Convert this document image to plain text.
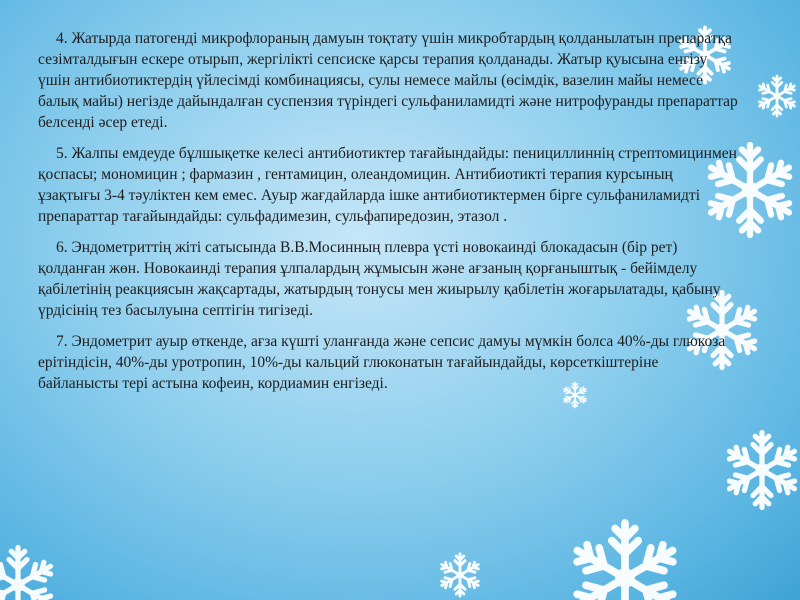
4. Жатырда патогенді микрофлораның дамуын тоқтату үшін микробтардың қолданылатын препаратқа сезімталдығын ескере отырып, жергілікті сепсиске қарсы терапия қолданады. Жатыр қуысына енгізу үшін антибиотиктердің үйлесімді комбинациясы, сулы немесе майлы (өсімдік, вазелин майы немесе балық майы) негізде дайындалған суспензия түріндегі сульфаниламидті және нитрофуранды препараттар белсенді әсер етеді.

5. Жалпы емдеуде бұлшықетке келесі антибиотиктер тағайындайды: пенициллиннің стрептомицинмен қоспасы; мономицин ; фармазин , гентамицин, олеандомицин. Антибиотикті терапия курсының ұзақтығы 3-4 тәуліктен кем емес. Ауыр жағдайларда ішке антибиотиктермен бірге сульфаниламидті препараттар тағайындайды: сульфадимезин, сульфапиредозин, этазол .

6. Эндометриттің жіті сатысында В.В.Мосинның плевра үсті новокаинді блокадасын (бір рет) қолданған жөн. Новокаинді терапия ұлпалардың жұмысын және ағзаның қорғаныштық - бейімделу қабілетінің реакциясын жақсартады, жатырдың тонусы мен жиырылу қабілетін жоғарылатады, қабыну үрдісінің тез басылуына септігін тигізеді.

7. Эндометрит ауыр өткенде, ағза күшті уланғанда және сепсис дамуы мүмкін болса 40%-ды глюкоза ерітіндісін, 40%-ды уротропин, 10%-ды кальций глюконатын тағайындайды, көрсеткіштеріне байланысты тері астына кофеин, кордиамин енгізеді.
